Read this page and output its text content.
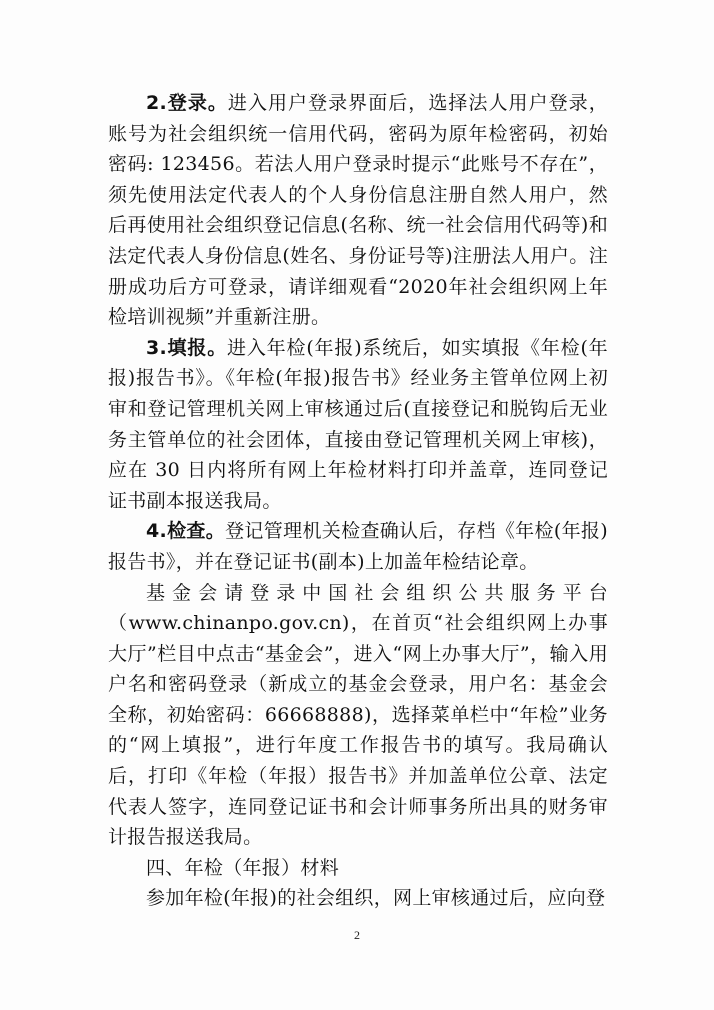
2.登录。进入用户登录界面后，选择法人用户登录，账号为社会组织统一信用代码，密码为原年检密码，初始密码: 123456。若法人用户登录时提示“此账号不存在”，须先使用法定代表人的个人身份信息注册自然人用户，然后再使用社会组织登记信息(名称、统一社会信用代码等)和法定代表人身份信息(姓名、身份证号等)注册法人用户。注册成功后方可登录，请详细观看“2020年社会组织网上年检培训视频”并重新注册。

3.填报。进入年检(年报)系统后，如实填报《年检(年报)报告书》。《年检(年报)报告书》经业务主管单位网上初审和登记管理机关网上审核通过后(直接登记和脱钩后无业务主管单位的社会团体，直接由登记管理机关网上审核)，应在 30 日内将所有网上年检材料打印并盖章，连同登记证书副本报送我局。

4.检查。登记管理机关检查确认后，存档《年检(年报)报告书》，并在登记证书(副本)上加盖年检结论章。

基金会请登录中国社会组织公共服务平台（www.chinanpo.gov.cn)，在首页“社会组织网上办事大厅”栏目中点击“基金会”，进入“网上办事大厅”，输入用户名和密码登录（新成立的基金会登录，用户名：基金会全称，初始密码：66668888)，选择菜单栏中“年检”业务的“网上填报”，进行年度工作报告书的填写。我局确认后，打印《年检（年报）报告书》并加盖单位公章、法定代表人签字，连同登记证书和会计师事务所出具的财务审计报告报送我局。

四、年检（年报）材料

参加年检(年报)的社会组织，网上审核通过后，应向登

2
